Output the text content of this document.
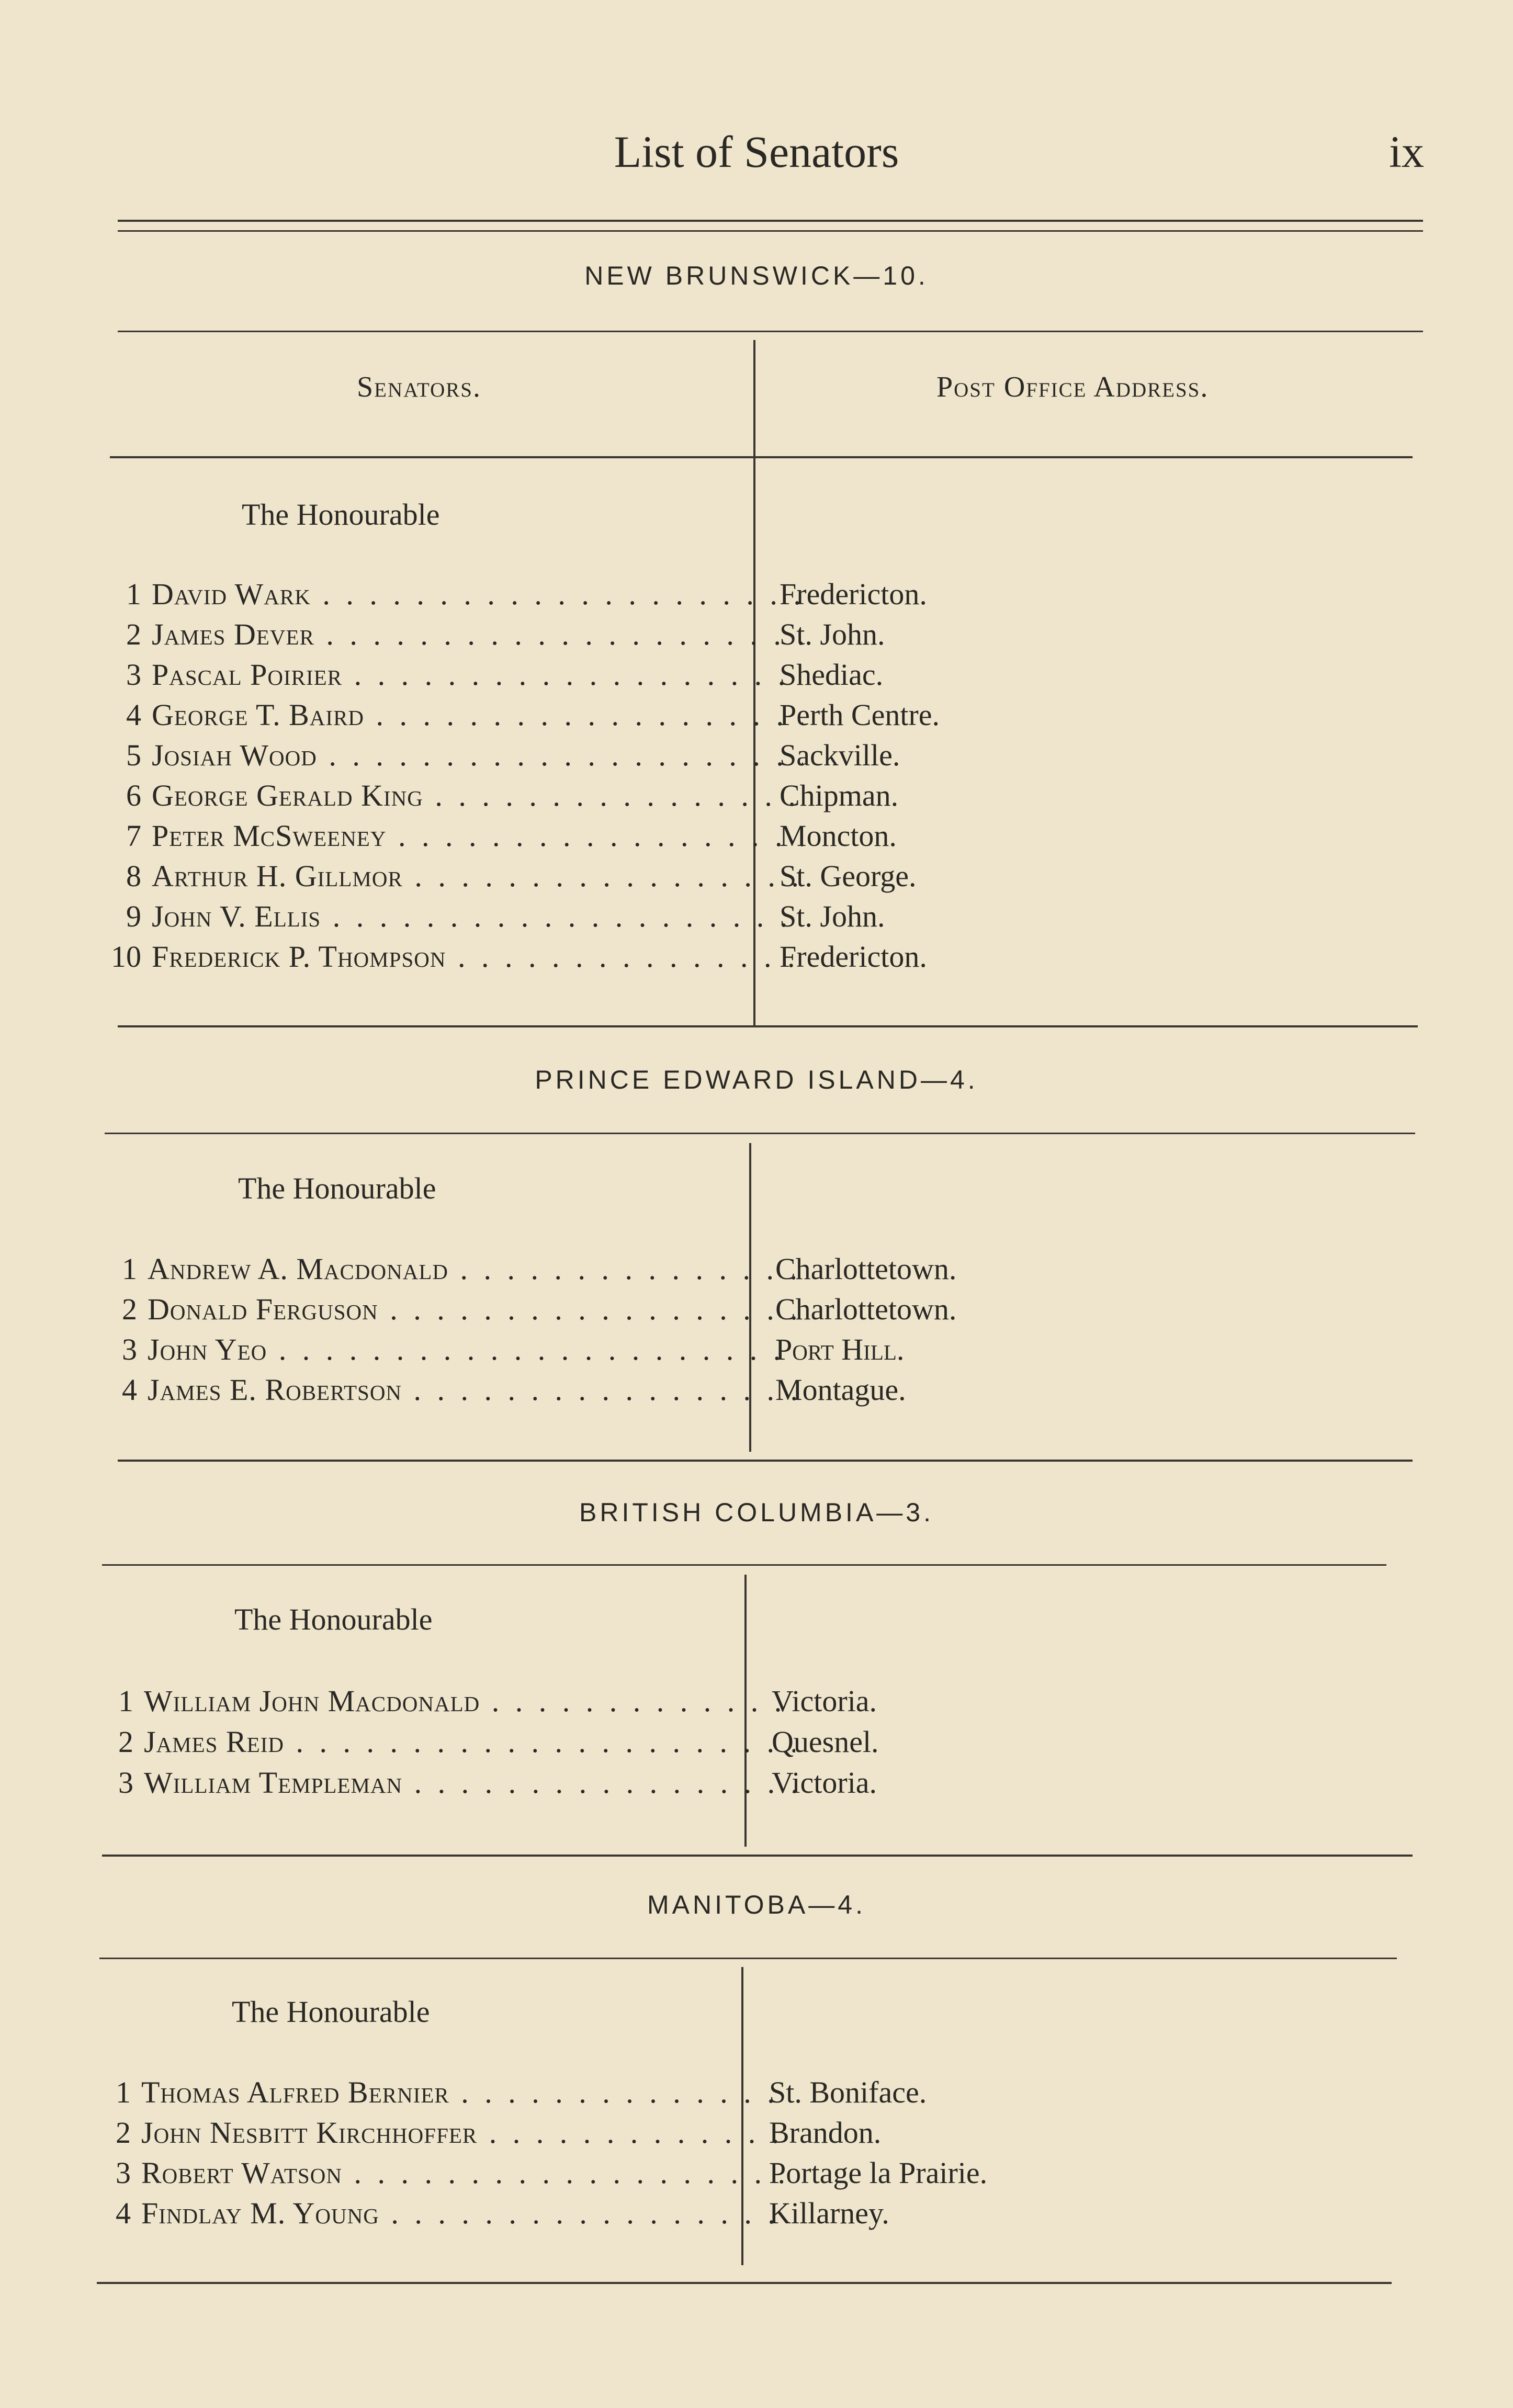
List of Senators	ix
NEW BRUNSWICK—10.
Senators.	Post Office Address.
The Honourable
1 David Wark . . .	Fredericton.
2 James Dever . . .	St. John.
3 Pascal Poirier . . .	Shediac.
4 George T. Baird . . .	Perth Centre.
5 Josiah Wood . . .	Sackville.
6 George Gerald King . . .	Chipman.
7 Peter McSweeney . . .	Moncton.
8 Arthur H. Gillmor . . .	St. George.
9 John V. Ellis . . .	St. John.
10 Frederick P. Thompson . . .	Fredericton.
PRINCE EDWARD ISLAND—4.
The Honourable
1 Andrew A. Macdonald . . .	Charlottetown.
2 Donald Ferguson . . .	Charlottetown.
3 John Yeo . . .	Port Hill.
4 James E. Robertson . . .	Montague.
BRITISH COLUMBIA—3.
The Honourable
1 William John Macdonald . . .	Victoria.
2 James Reid . . .	Quesnel.
3 William Templeman . . .	Victoria.
MANITOBA—4.
The Honourable
1 Thomas Alfred Bernier . . .	St. Boniface.
2 John Nesbitt Kirchhoffer . . .	Brandon.
3 Robert Watson . . .	Portage la Prairie.
4 Findlay M. Young . . .	Killarney.
